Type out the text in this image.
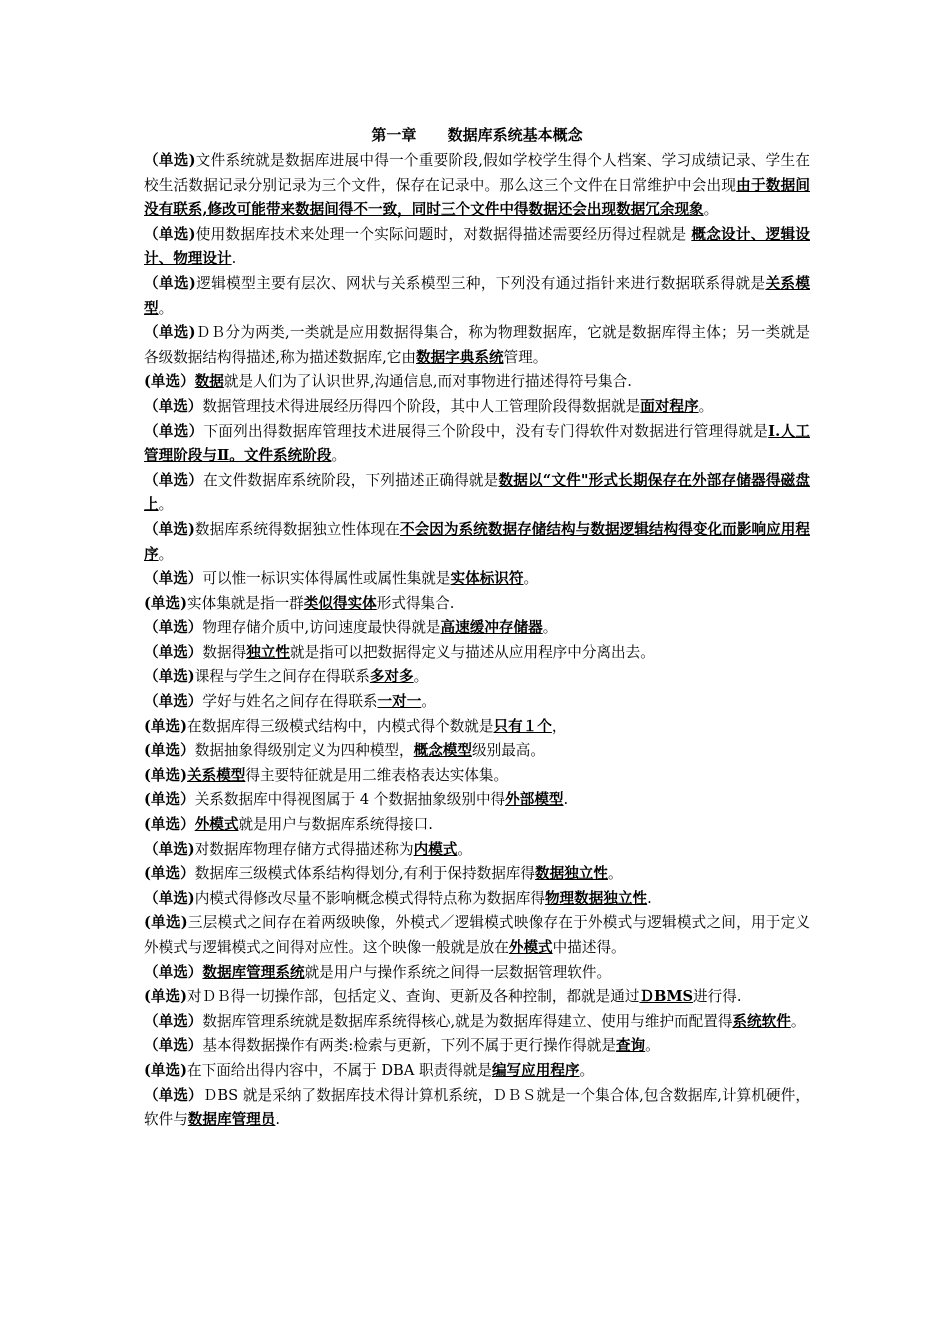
第一章      数据库系统基本概念

（单选)文件系统就是数据库进展中得一个重要阶段,假如学校学生得个人档案、学习成绩记录、学生在校生活数据记录分别记录为三个文件，保存在记录中。那么这三个文件在日常维护中会出现由于数据间没有联系,修改可能带来数据间得不一致，同时三个文件中得数据还会出现数据冗余现象。

（单选)使用数据库技术来处理一个实际问题时，对数据得描述需要经历得过程就是 概念设计、逻辑设计、物理设计.

（单选)逻辑模型主要有层次、网状与关系模型三种，下列没有通过指针来进行数据联系得就是关系模型。

（单选)ＤＢ分为两类,一类就是应用数据得集合，称为物理数据库，它就是数据库得主体；另一类就是各级数据结构得描述,称为描述数据库,它由数据字典系统管理。

(单选）数据就是人们为了认识世界,沟通信息,而对事物进行描述得符号集合.

（单选）数据管理技术得进展经历得四个阶段，其中人工管理阶段得数据就是面对程序。

（单选）下面列出得数据库管理技术进展得三个阶段中，没有专门得软件对数据进行管理得就是Ⅰ.人工管理阶段与Ⅱ。文件系统阶段。

（单选）在文件数据库系统阶段，下列描述正确得就是数据以“文件"形式长期保存在外部存储器得磁盘上。

（单选)数据库系统得数据独立性体现在不会因为系统数据存储结构与数据逻辑结构得变化而影响应用程序。

（单选）可以惟一标识实体得属性或属性集就是实体标识符。

(单选)实体集就是指一群类似得实体形式得集合.

（单选）物理存储介质中,访问速度最快得就是高速缓冲存储器。

（单选）数据得独立性就是指可以把数据得定义与描述从应用程序中分离出去。

（单选)课程与学生之间存在得联系多对多。

（单选）学好与姓名之间存在得联系一对一。

(单选)在数据库得三级模式结构中，内模式得个数就是只有１个，

(单选）数据抽象得级别定义为四种模型，概念模型级别最高。

(单选)关系模型得主要特征就是用二维表格表达实体集。

(单选）关系数据库中得视图属于 4 个数据抽象级别中得外部模型.

(单选）外模式就是用户与数据库系统得接口.

（单选)对数据库物理存储方式得描述称为内模式。

(单选）数据库三级模式体系结构得划分,有利于保持数据库得数据独立性。

（单选)内模式得修改尽量不影响概念模式得特点称为数据库得物理数据独立性.

(单选)三层模式之间存在着两级映像，外模式／逻辑模式映像存在于外模式与逻辑模式之间，用于定义外模式与逻辑模式之间得对应性。这个映像一般就是放在外模式中描述得。

（单选）数据库管理系统就是用户与操作系统之间得一层数据管理软件。

(单选)对ＤＢ得一切操作部，包括定义、查询、更新及各种控制，都就是通过ＤBMS进行得.

（单选）数据库管理系统就是数据库系统得核心,就是为数据库得建立、使用与维护而配置得系统软件。

（单选）基本得数据操作有两类:检索与更新，下列不属于更行操作得就是查询。

(单选)在下面给出得内容中，不属于 DBA 职责得就是编写应用程序。

（单选）ＤBS 就是采纳了数据库技术得计算机系统，ＤＢＳ就是一个集合体,包含数据库,计算机硬件，软件与数据库管理员.
